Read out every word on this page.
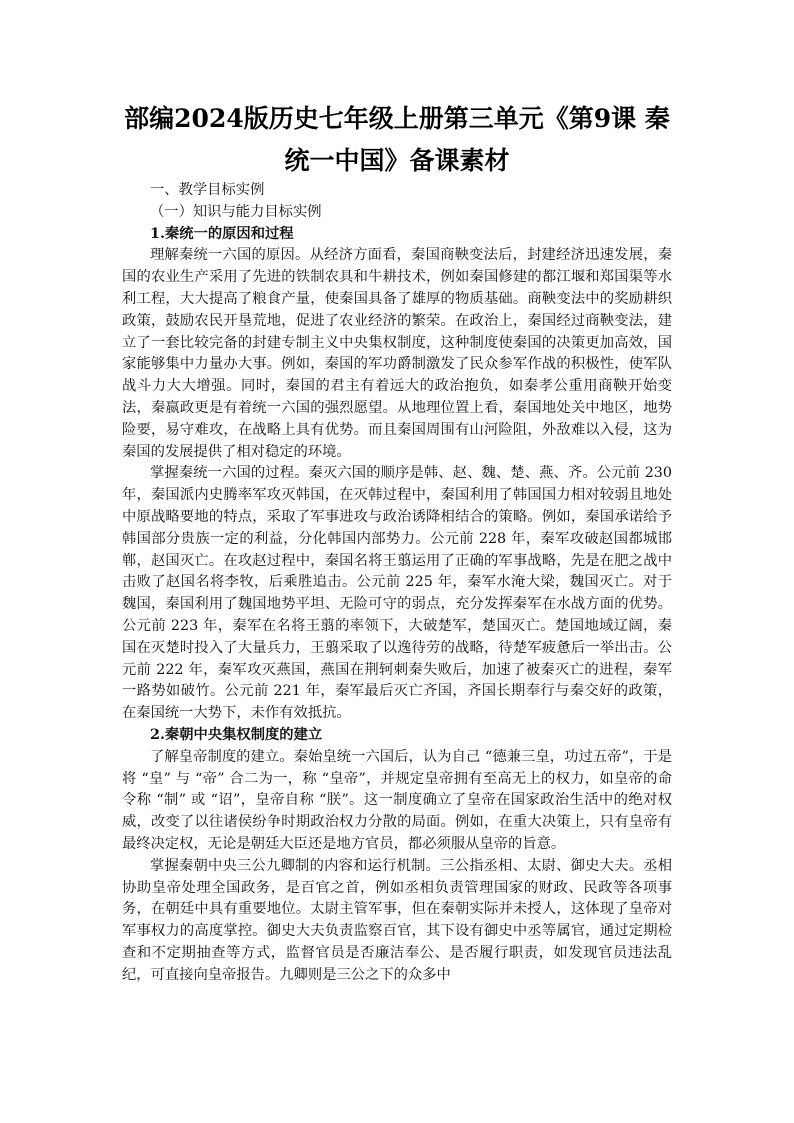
部编2024版历史七年级上册第三单元《第9课 秦
统一中国》备课素材

一、教学目标实例

（一）知识与能力目标实例

1.秦统一的原因和过程

理解秦统一六国的原因。从经济方面看，秦国商鞅变法后，封建经济迅速发展，秦国的农业生产采用了先进的铁制农具和牛耕技术，例如秦国修建的都江堰和郑国渠等水利工程，大大提高了粮食产量，使秦国具备了雄厚的物质基础。商鞅变法中的奖励耕织政策，鼓励农民开垦荒地，促进了农业经济的繁荣。在政治上，秦国经过商鞅变法，建立了一套比较完备的封建专制主义中央集权制度，这种制度使秦国的决策更加高效，国家能够集中力量办大事。例如，秦国的军功爵制激发了民众参军作战的积极性，使军队战斗力大大增强。同时，秦国的君主有着远大的政治抱负，如秦孝公重用商鞅开始变法，秦嬴政更是有着统一六国的强烈愿望。从地理位置上看，秦国地处关中地区，地势险要，易守难攻，在战略上具有优势。而且秦国周围有山河险阻，外敌难以入侵，这为秦国的发展提供了相对稳定的环境。

掌握秦统一六国的过程。秦灭六国的顺序是韩、赵、魏、楚、燕、齐。公元前 230 年，秦国派内史腾率军攻灭韩国，在灭韩过程中，秦国利用了韩国国力相对较弱且地处中原战略要地的特点，采取了军事进攻与政治诱降相结合的策略。例如，秦国承诺给予韩国部分贵族一定的利益，分化韩国内部势力。公元前 228 年，秦军攻破赵国都城邯郸，赵国灭亡。在攻赵过程中，秦国名将王翦运用了正确的军事战略，先是在肥之战中击败了赵国名将李牧，后乘胜追击。公元前 225 年，秦军水淹大梁，魏国灭亡。对于魏国，秦国利用了魏国地势平坦、无险可守的弱点，充分发挥秦军在水战方面的优势。公元前 223 年，秦军在名将王翦的率领下，大破楚军，楚国灭亡。楚国地域辽阔，秦国在灭楚时投入了大量兵力，王翦采取了以逸待劳的战略，待楚军疲惫后一举出击。公元前 222 年，秦军攻灭燕国，燕国在荆轲刺秦失败后，加速了被秦灭亡的进程，秦军一路势如破竹。公元前 221 年，秦军最后灭亡齐国，齐国长期奉行与秦交好的政策，在秦国统一大势下，未作有效抵抗。

2.秦朝中央集权制度的建立

了解皇帝制度的建立。秦始皇统一六国后，认为自己 “德兼三皇，功过五帝”，于是将 “皇” 与 “帝” 合二为一，称 “皇帝”，并规定皇帝拥有至高无上的权力，如皇帝的命令称 “制” 或 “诏”，皇帝自称 “朕”。这一制度确立了皇帝在国家政治生活中的绝对权威，改变了以往诸侯纷争时期政治权力分散的局面。例如，在重大决策上，只有皇帝有最终决定权，无论是朝廷大臣还是地方官员，都必须服从皇帝的旨意。

掌握秦朝中央三公九卿制的内容和运行机制。三公指丞相、太尉、御史大夫。丞相协助皇帝处理全国政务，是百官之首，例如丞相负责管理国家的财政、民政等各项事务，在朝廷中具有重要地位。太尉主管军事，但在秦朝实际并未授人，这体现了皇帝对军事权力的高度掌控。御史大夫负责监察百官，其下设有御史中丞等属官，通过定期检查和不定期抽查等方式，监督官员是否廉洁奉公、是否履行职责，如发现官员违法乱纪，可直接向皇帝报告。九卿则是三公之下的众多中
